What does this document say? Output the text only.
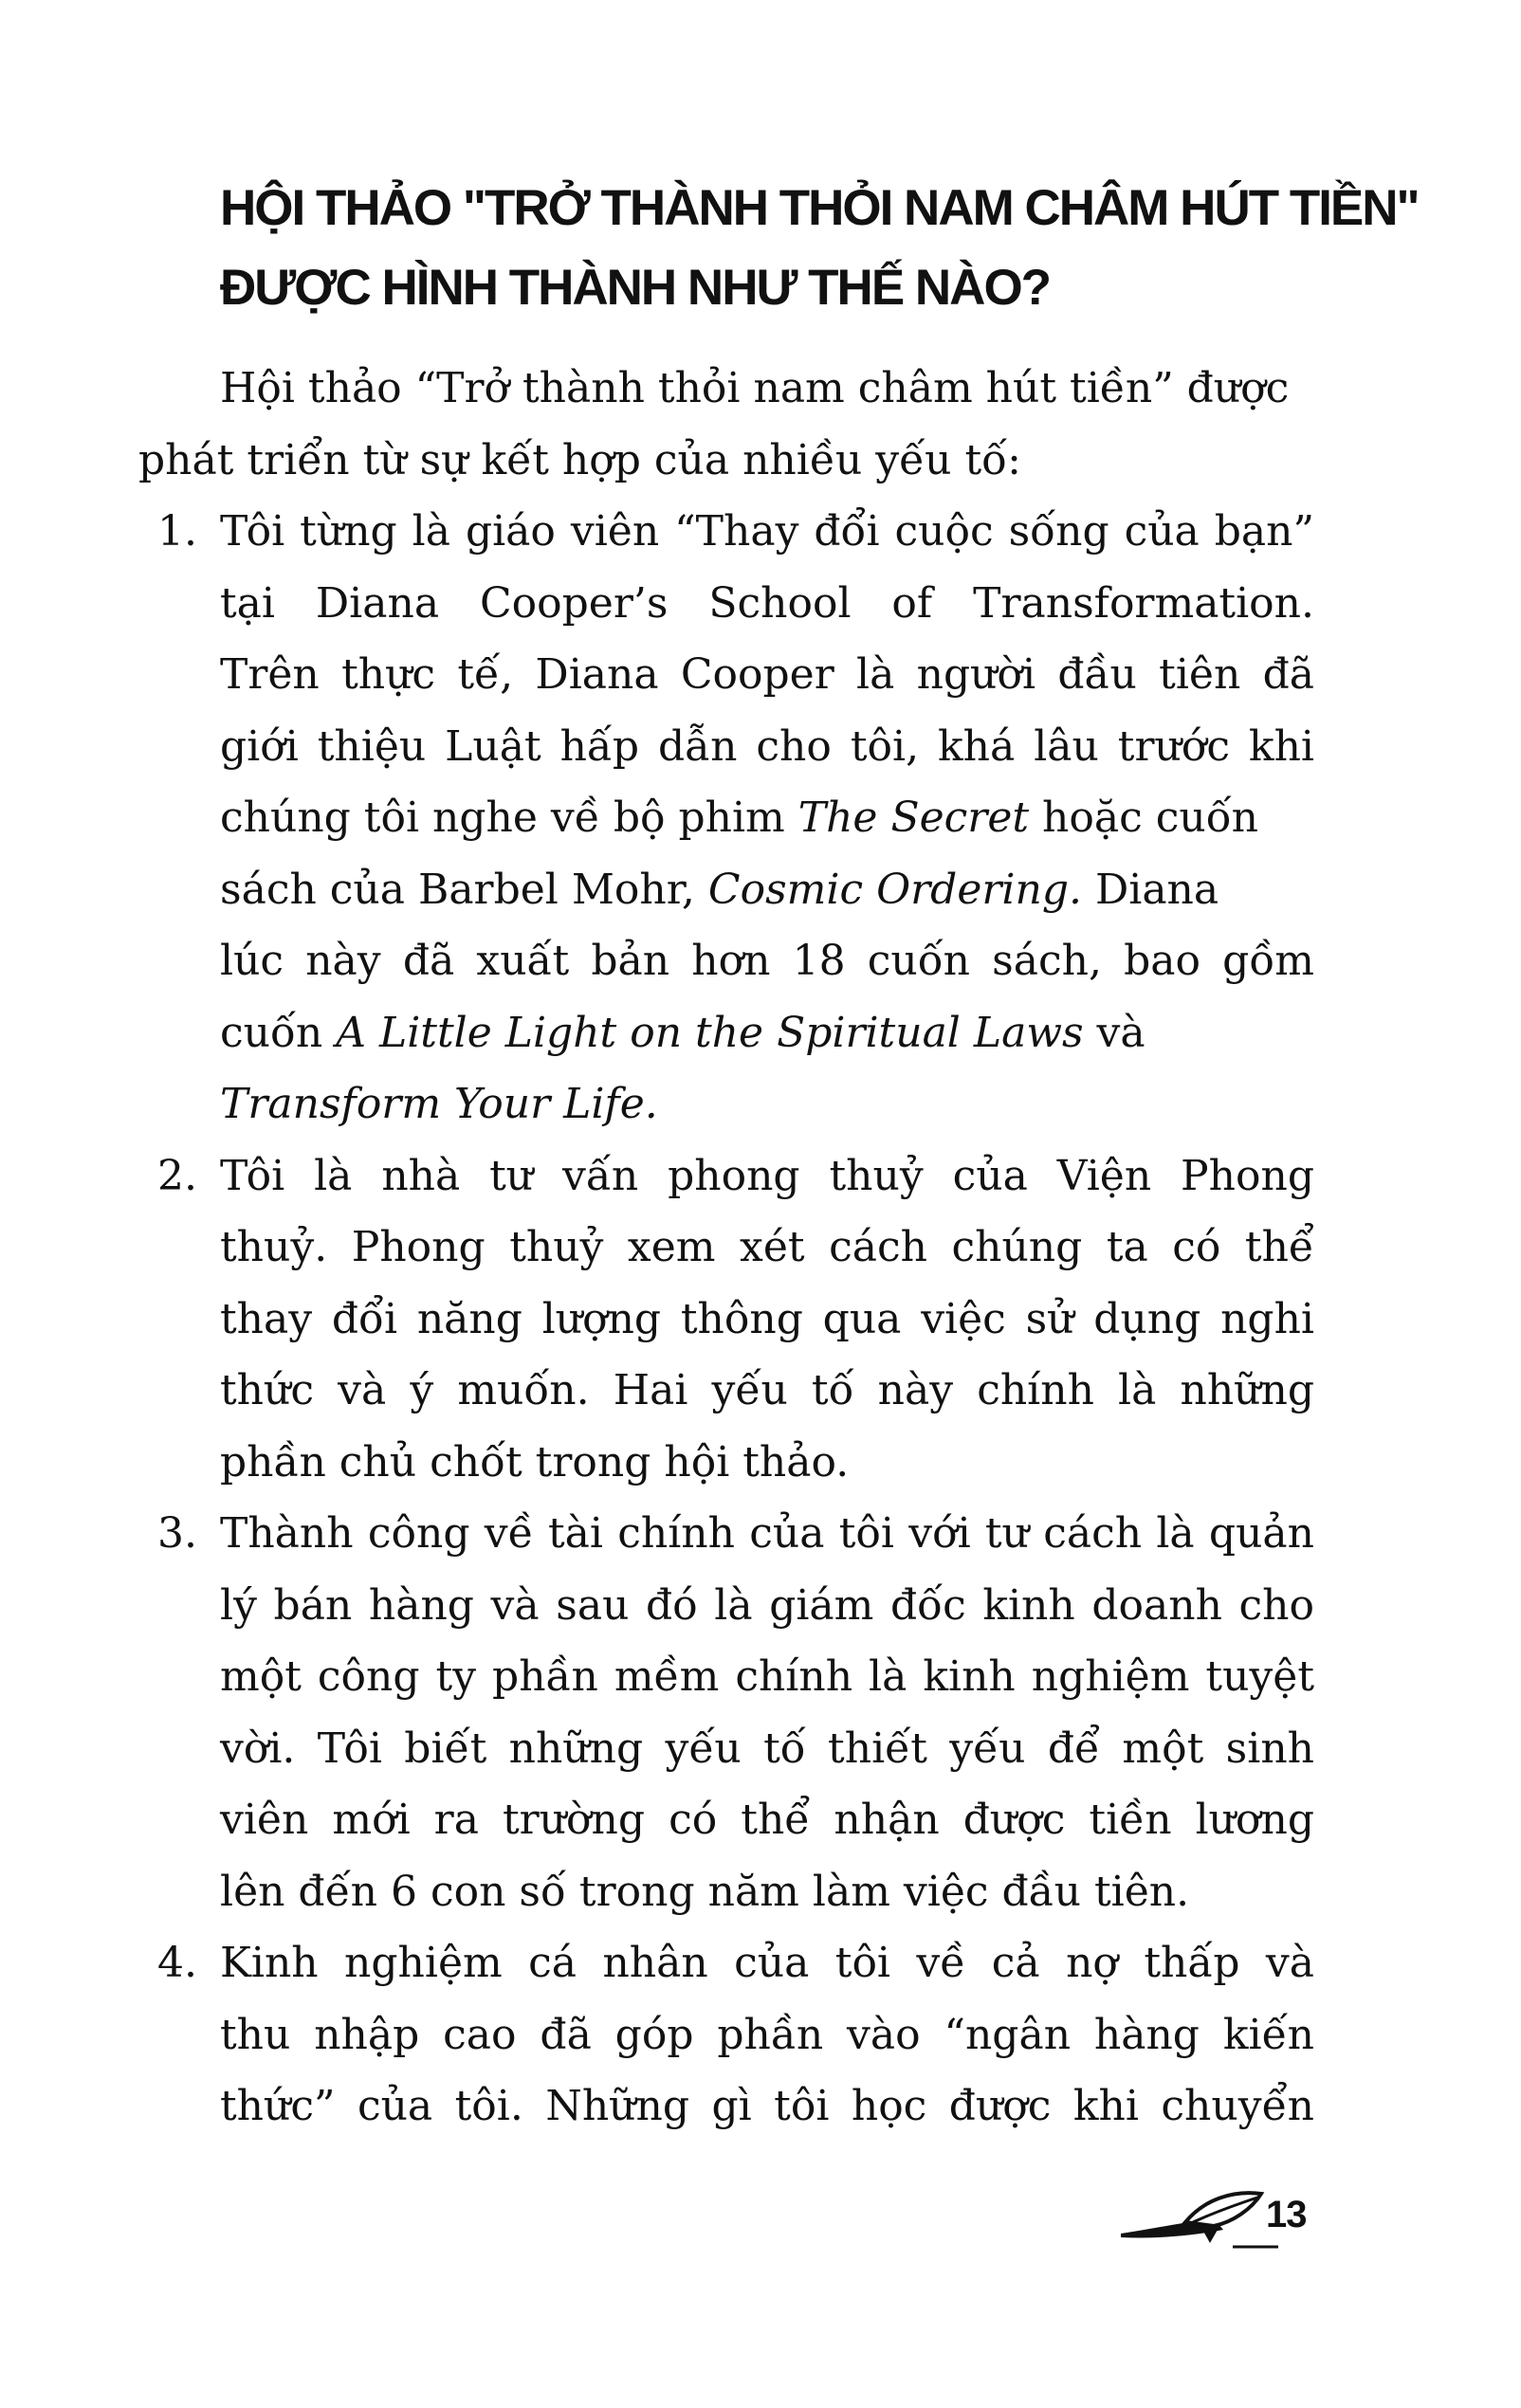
HỘI THẢO "TRỞ THÀNH THỎI NAM CHÂM HÚT TIỀN"
ĐƯỢC HÌNH THÀNH NHƯ THẾ NÀO?

Hội thảo “Trở thành thỏi nam châm hút tiền” được
phát triển từ sự kết hợp của nhiều yếu tố:

1. Tôi từng là giáo viên “Thay đổi cuộc sống của bạn”
tại Diana Cooper’s School of Transformation.
Trên thực tế, Diana Cooper là người đầu tiên đã
giới thiệu Luật hấp dẫn cho tôi, khá lâu trước khi
chúng tôi nghe về bộ phim The Secret hoặc cuốn
sách của Barbel Mohr, Cosmic Ordering. Diana
lúc này đã xuất bản hơn 18 cuốn sách, bao gồm
cuốn A Little Light on the Spiritual Laws và
Transform Your Life.
2. Tôi là nhà tư vấn phong thuỷ của Viện Phong
thuỷ. Phong thuỷ xem xét cách chúng ta có thể
thay đổi năng lượng thông qua việc sử dụng nghi
thức và ý muốn. Hai yếu tố này chính là những
phần chủ chốt trong hội thảo.
3. Thành công về tài chính của tôi với tư cách là quản
lý bán hàng và sau đó là giám đốc kinh doanh cho
một công ty phần mềm chính là kinh nghiệm tuyệt
vời. Tôi biết những yếu tố thiết yếu để một sinh
viên mới ra trường có thể nhận được tiền lương
lên đến 6 con số trong năm làm việc đầu tiên.
4. Kinh nghiệm cá nhân của tôi về cả nợ thấp và
thu nhập cao đã góp phần vào “ngân hàng kiến
thức” của tôi. Những gì tôi học được khi chuyển
13
